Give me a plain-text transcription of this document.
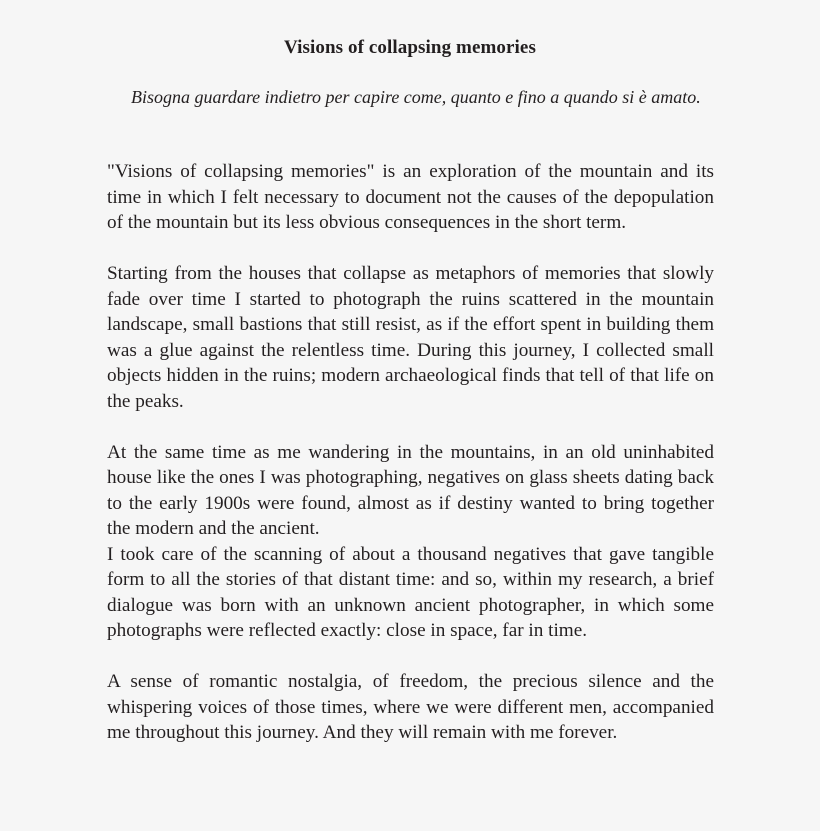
Visions of collapsing memories
Bisogna guardare indietro per capire come, quanto e fino a quando si è amato.

"Visions of collapsing memories" is an exploration of the mountain and its time in which I felt necessary to document not the causes of the depopulation of the mountain but its less obvious consequences in the short term.

Starting from the houses that collapse as metaphors of memories that slowly fade over time I started to photograph the ruins scattered in the mountain landscape, small bastions that still resist, as if the effort spent in building them was a glue against the relentless time. During this journey, I collected small objects hidden in the ruins; modern archaeological finds that tell of that life on the peaks.

At the same time as me wandering in the mountains, in an old uninhabited house like the ones I was photographing, negatives on glass sheets dating back to the early 1900s were found, almost as if destiny wanted to bring together the modern and the ancient.

I took care of the scanning of about a thousand negatives that gave tangible form to all the stories of that distant time: and so, within my research, a brief dialogue was born with an unknown ancient photographer, in which some photographs were reflected exactly: close in space, far in time.

A sense of romantic nostalgia, of freedom, the precious silence and the whispering voices of those times, where we were different men, accompanied me throughout this journey. And they will remain with me forever.
